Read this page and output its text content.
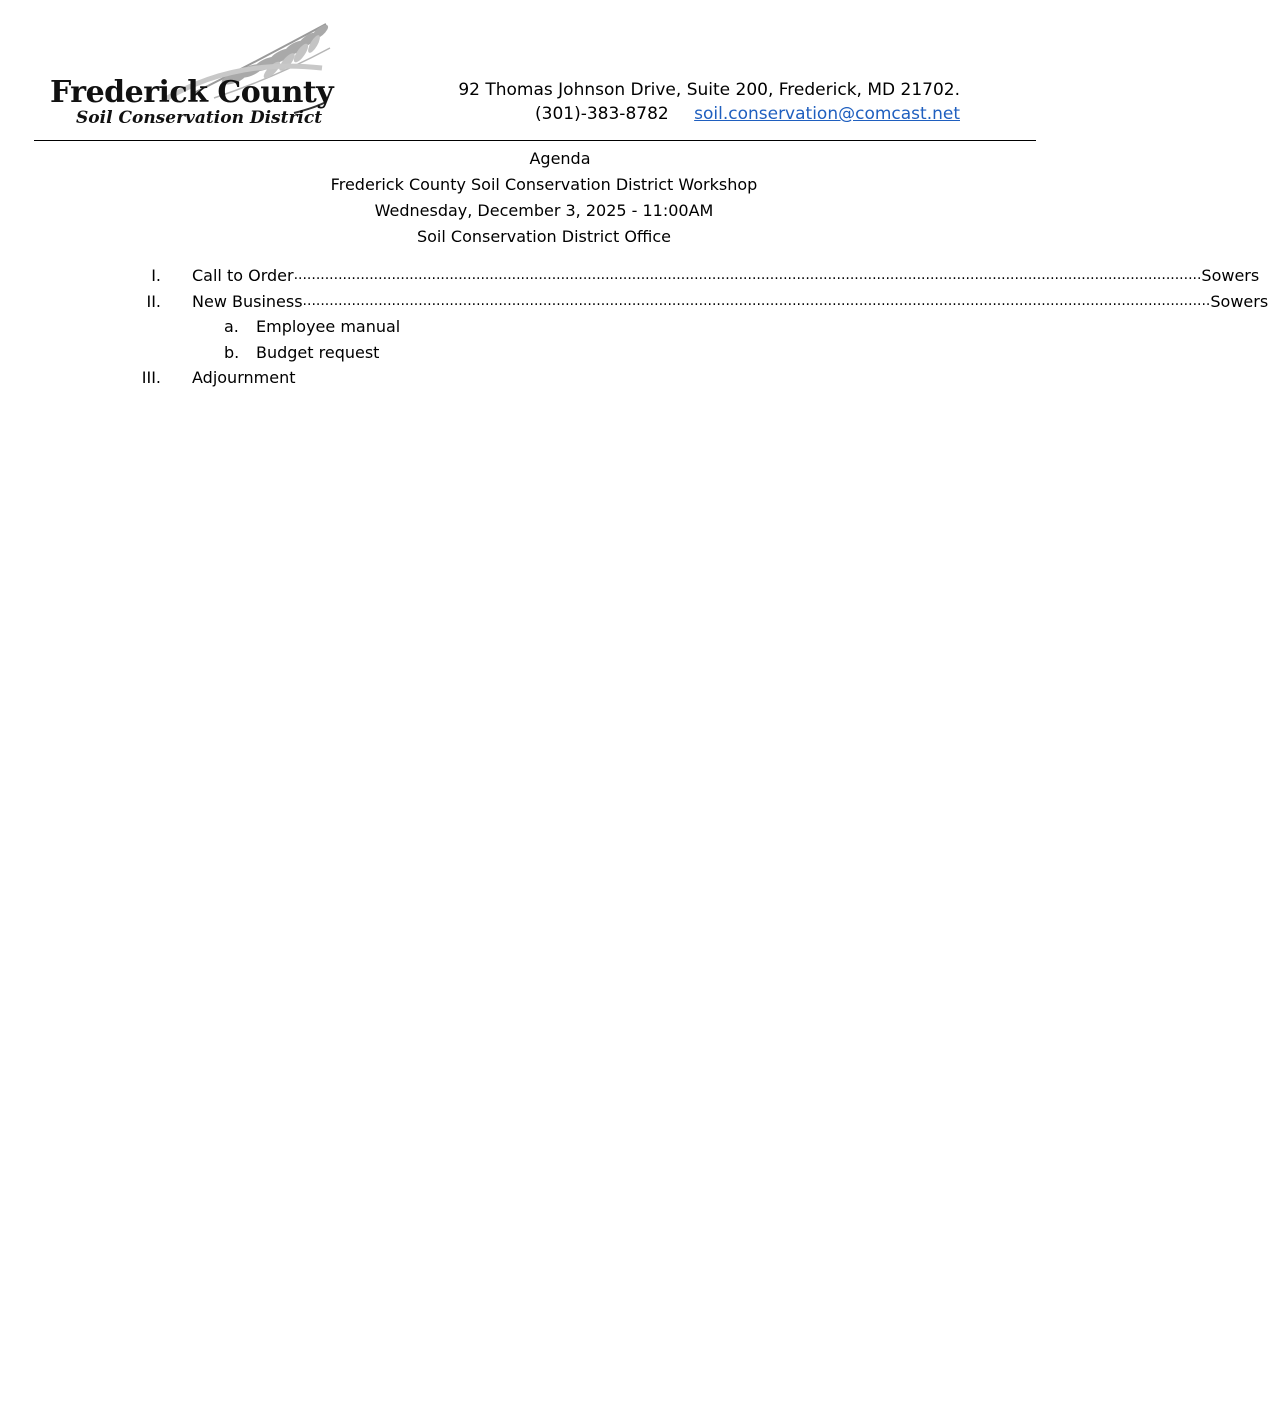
Frederick County
Soil Conservation District
92 Thomas Johnson Drive, Suite 200, Frederick, MD 21702.
(301)-383-8782 soil.conservation@comcast.net
Agenda
Frederick County Soil Conservation District Workshop
Wednesday, December 3, 2025 - 11:00AM
Soil Conservation District Office
I. Call to Order ............................................................................................................................................................................................................ Sowers
II. New Business ............................................................................................................................................................................................................ Sowers
a. Employee manual
b. Budget request
III. Adjournment
